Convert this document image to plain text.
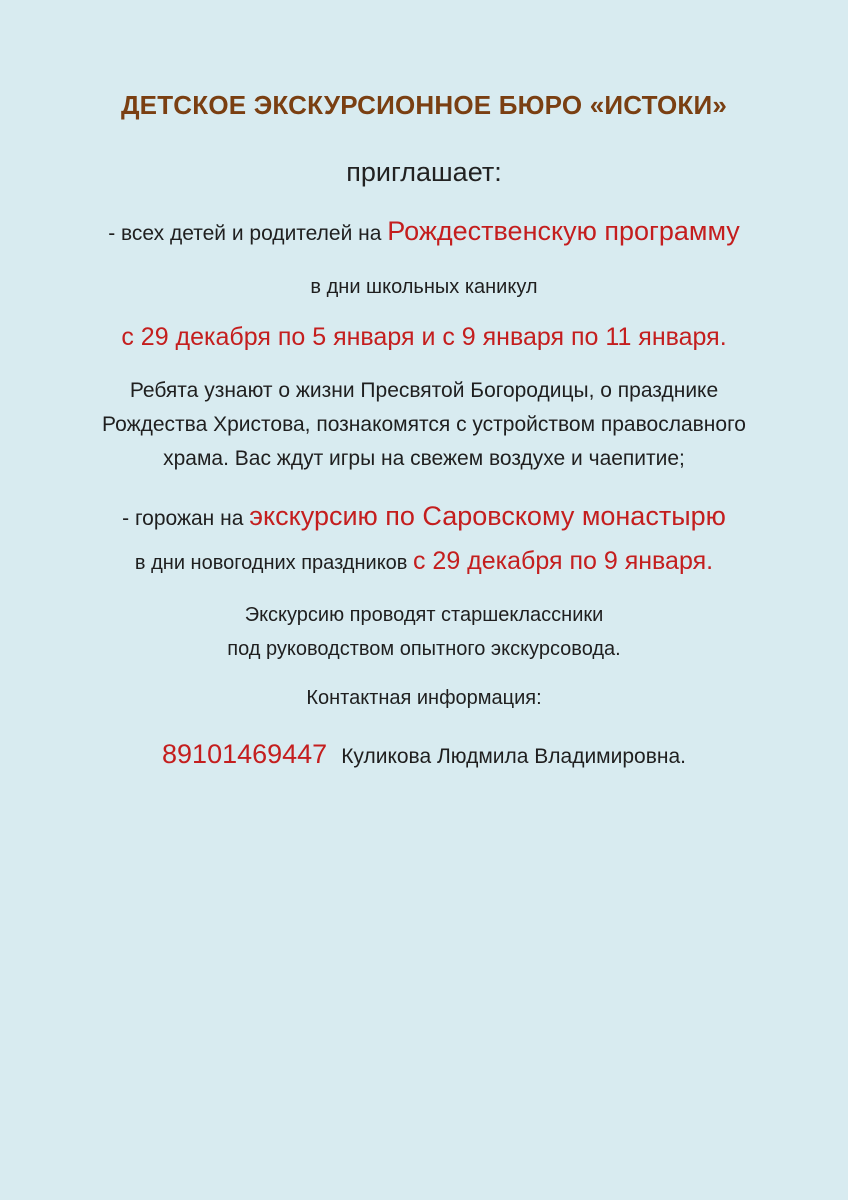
ДЕТСКОЕ ЭКСКУРСИОННОЕ БЮРО «ИСТОКИ»
приглашает:
- всех детей и родителей на Рождественскую программу
в дни школьных каникул
с 29 декабря по 5 января и с 9 января по 11 января.
Ребята узнают о жизни Пресвятой Богородицы, о празднике
Рождества Христова, познакомятся с устройством православного
храма. Вас ждут игры на свежем воздухе и чаепитие;
- горожан на экскурсию по Саровскому монастырю
в дни новогодних праздников с 29 декабря по 9 января.
Экскурсию проводят старшеклассники
под руководством опытного экскурсовода.
Контактная информация:
89101469447 Куликова Людмила Владимировна.
